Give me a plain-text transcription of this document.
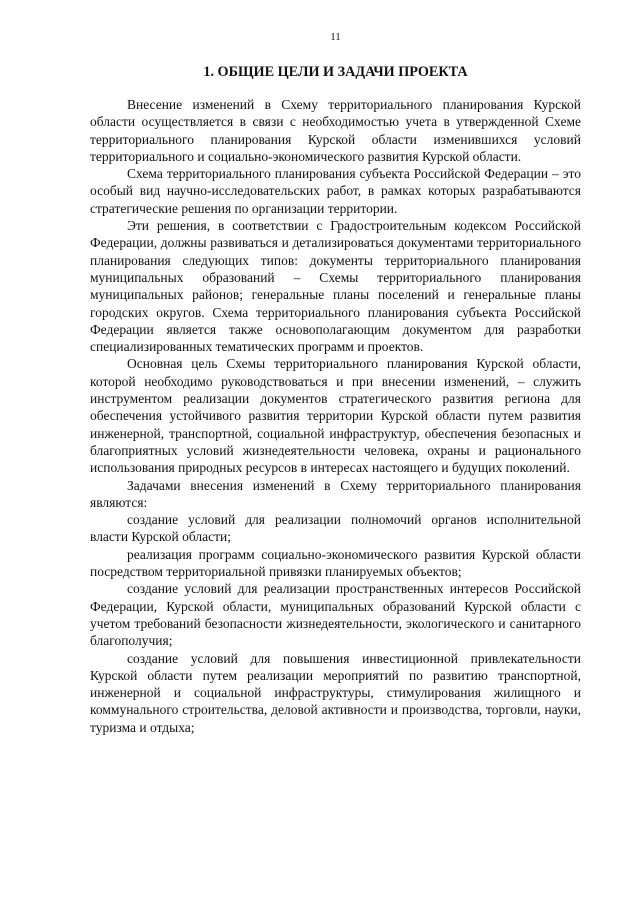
11
1. ОБЩИЕ ЦЕЛИ И ЗАДАЧИ ПРОЕКТА

Внесение изменений в Схему территориального планирования Курской области осуществляется в связи с необходимостью учета в утвержденной Схеме территориального планирования Курской области изменившихся условий территориального и социально-экономического развития Курской области.

Схема территориального планирования субъекта Российской Федерации – это особый вид научно-исследовательских работ, в рамках которых разрабатываются стратегические решения по организации территории.

Эти решения, в соответствии с Градостроительным кодексом Российской Федерации, должны развиваться и детализироваться документами территориального планирования следующих типов: документы территориального планирования муниципальных образований – Схемы территориального планирования муниципальных районов; генеральные планы поселений и генеральные планы городских округов. Схема территориального планирования субъекта Российской Федерации является также основополагающим документом для разработки специализированных тематических программ и проектов.

Основная цель Схемы территориального планирования Курской области, которой необходимо руководствоваться и при внесении изменений, – служить инструментом реализации документов стратегического развития региона для обеспечения устойчивого развития территории Курской области путем развития инженерной, транспортной, социальной инфраструктур, обеспечения безопасных и благоприятных условий жизнедеятельности человека, охраны и рационального использования природных ресурсов в интересах настоящего и будущих поколений.

Задачами внесения изменений в Схему территориального планирования являются:

создание условий для реализации полномочий органов исполнительной власти Курской области;

реализация программ социально-экономического развития Курской области посредством территориальной привязки планируемых объектов;

создание условий для реализации пространственных интересов Российской Федерации, Курской области, муниципальных образований Курской области с учетом требований безопасности жизнедеятельности, экологического и санитарного благополучия;

создание условий для повышения инвестиционной привлекательности Курской области путем реализации мероприятий по развитию транспортной, инженерной и социальной инфраструктуры, стимулирования жилищного и коммунального строительства, деловой активности и производства, торговли, науки, туризма и отдыха;
